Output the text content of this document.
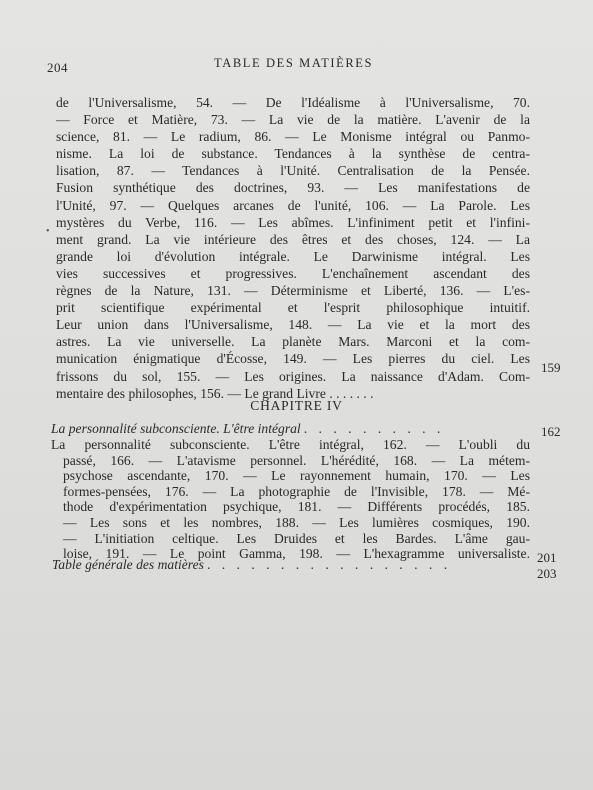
204	TABLE DES MATIÈRES
•
de l'Universalisme, 54. — De l'Idéalisme à l'Universalisme, 70.
— Force et Matière, 73. — La vie de la matière. L'avenir de la
science, 81. — Le radium, 86. — Le Monisme intégral ou Panmo-
nisme. La loi de substance. Tendances à la synthèse de centra-
lisation, 87. — Tendances à l'Unité. Centralisation de la Pensée.
Fusion synthétique des doctrines, 93. — Les manifestations de
l'Unité, 97. — Quelques arcanes de l'unité, 106. — La Parole. Les
mystères du Verbe, 116. — Les abîmes. L'infiniment petit et l'infini-
ment grand. La vie intérieure des êtres et des choses, 124. — La
grande loi d'évolution intégrale. Le Darwinisme intégral. Les
vies successives et progressives. L'enchaînement ascendant des
règnes de la Nature, 131. — Déterminisme et Liberté, 136. — L'es-
prit scientifique expérimental et l'esprit philosophique intuitif.
Leur union dans l'Universalisme, 148. — La vie et la mort des
astres. La vie universelle. La planète Mars. Marconi et la com-
munication énigmatique d'Écosse, 149. — Les pierres du ciel. Les
frissons du sol, 155. — Les origines. La naissance d'Adam. Com-
mentaire des philosophes, 156. — Le grand Livre . . . . . . .
159
CHAPITRE IV
La personnalité subconsciente. L'être intégral . . . . . . . . . .	162
La personnalité subconsciente. L'être intégral, 162. — L'oubli du
passé, 166. — L'atavisme personnel. L'hérédité, 168. — La métem-
psychose ascendante, 170. — Le rayonnement humain, 170. — Les
formes-pensées, 176. — La photographie de l'Invisible, 178. — Mé-
thode d'expérimentation psychique, 181. — Différents procédés, 185.
— Les sons et les nombres, 188. — Les lumières cosmiques, 190.
— L'initiation celtique. Les Druides et les Bardes. L'âme gau-
loise, 191. — Le point Gamma, 198. — L'hexagramme universaliste. 201
Table générale des matières . . . . . . . . . . . . . . . . .
203
